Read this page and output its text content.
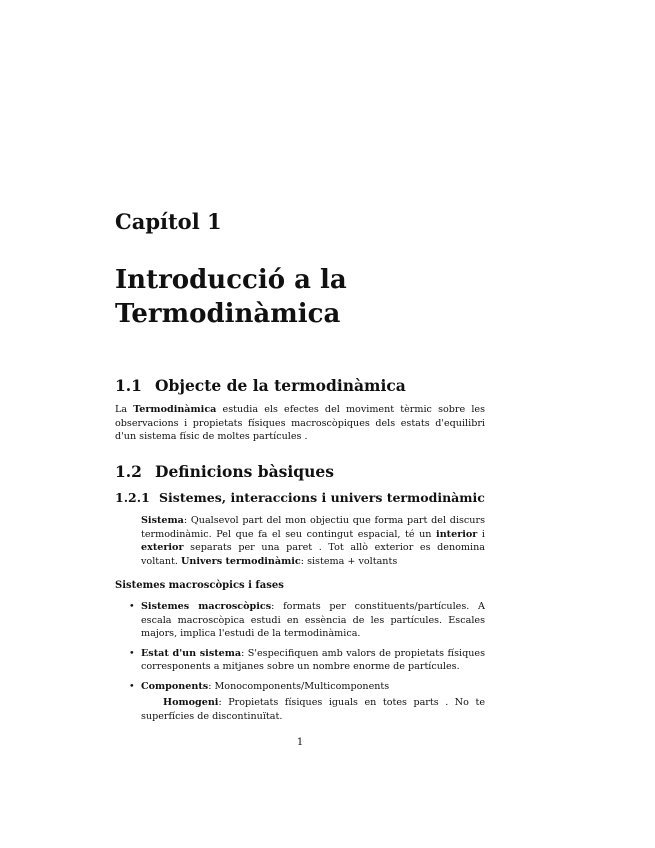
Capítol 1
Introducció a la
Termodinàmica
1.1 Objecte de la termodinàmica
La Termodinàmica estudia els efectes del moviment tèrmic sobre les observacions i propietats físiques macroscòpiques dels estats d'equilibri d'un sistema físic de moltes partícules .
1.2 Definicions bàsiques
1.2.1 Sistemes, interaccions i univers termodinàmic
Sistema: Qualsevol part del mon objectiu que forma part del discurs termodinàmic. Pel que fa el seu contingut espacial, té un interior i exterior separats per una paret . Tot allò exterior es denomina voltant. Univers termodinàmic: sistema + voltants
Sistemes macroscòpics i fases
• Sistemes macroscòpics: formats per constituents/partícules. A escala macroscòpica estudi en essència de les partícules. Escales majors, implica l'estudi de la termodinàmica.
• Estat d'un sistema: S'especifiquen amb valors de propietats físiques corresponents a mitjanes sobre un nombre enorme de partícules.
• Components: Monocomponents/Multicomponents
Homogeni: Propietats físiques iguals en totes parts . No te superfícies de discontinuïtat.
1
